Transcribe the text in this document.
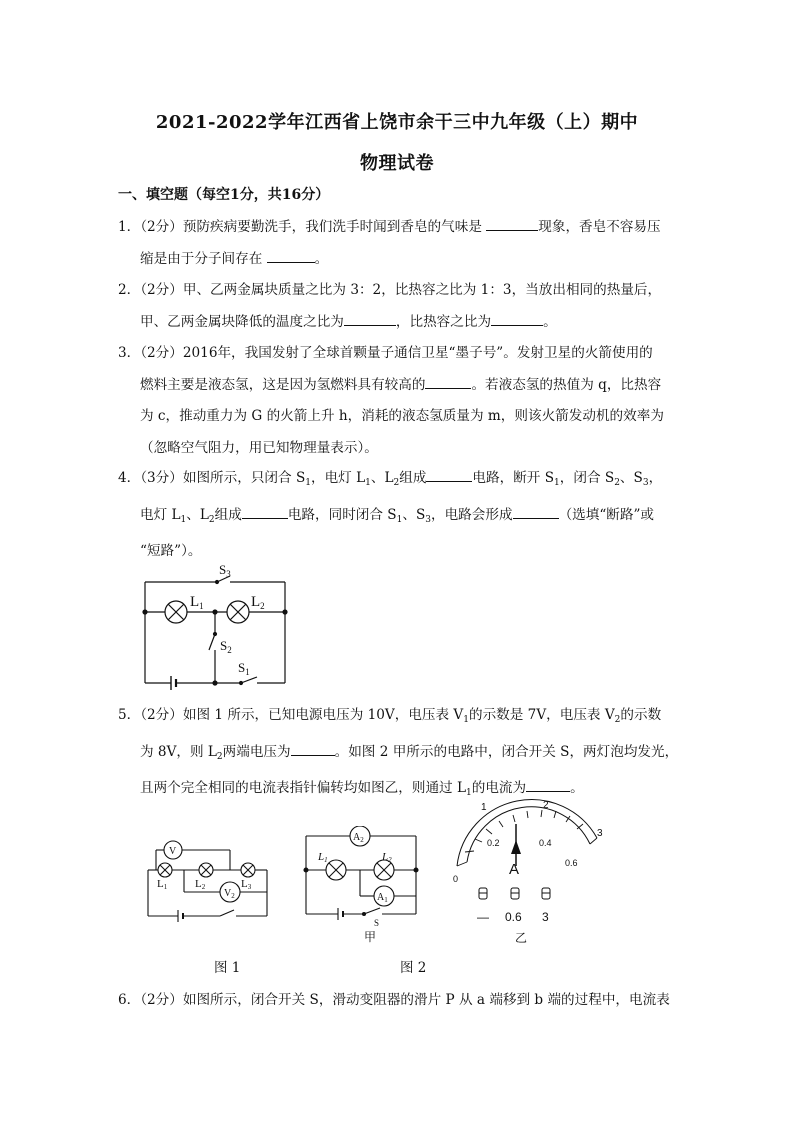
2021-2022学年江西省上饶市余干三中九年级（上）期中
物理试卷
一、填空题（每空1分，共16分）
1．（2分）预防疾病要勤洗手，我们洗手时闻到香皂的气味是	现象，香皂不容易压
缩是由于分子间存在	。
2．（2分）甲、乙两金属块质量之比为 3：2，比热容之比为 1：3，当放出相同的热量后，
甲、乙两金属块降低的温度之比为	，比热容之比为	。
3．（2分）2016年，我国发射了全球首颗量子通信卫星“墨子号”。发射卫星的火箭使用的
燃料主要是液态氢，这是因为氢燃料具有较高的	。若液态氢的热值为 q，比热容
为 c，推动重力为 G 的火箭上升 h，消耗的液态氢质量为 m，则该火箭发动机的效率为
（忽略空气阻力，用已知物理量表示）。
4．（3分）如图所示，只闭合 $S_1$，电灯 $L_1$、$L_2$组成	电路，断开 $S_1$，闭合 $S_2$、$S_3$，
电灯 $L_1$、$L_2$组成	电路，同时闭合 $S_1$、$S_3$，电路会形成	（选填“断路”或
“短路”）。
$S_3$
$L_1$	$L_2$
$S_2$
$S_1$
5．（2分）如图 1 所示，已知电源电压为 10V，电压表 $V_1$的示数是 7V，电压表 $V_2$的示数
为 8V，则 $L_2$两端电压为	。如图 2 甲所示的电路中，闭合开关 S，两灯泡均发光，
且两个完全相同的电流表指针偏转均如图乙，则通过 $L_1$的电流为	。
V
L1	L2	L3
$V_2$
$A_2$
L1	L2
$A_1$
S
甲
1	2
3
0
0.2	0.4
0.6
A
— 0.6 3
乙
图 1	图 2
6．（2分）如图所示，闭合开关 S，滑动变阻器的滑片 P 从 a 端移到 b 端的过程中，电流表
